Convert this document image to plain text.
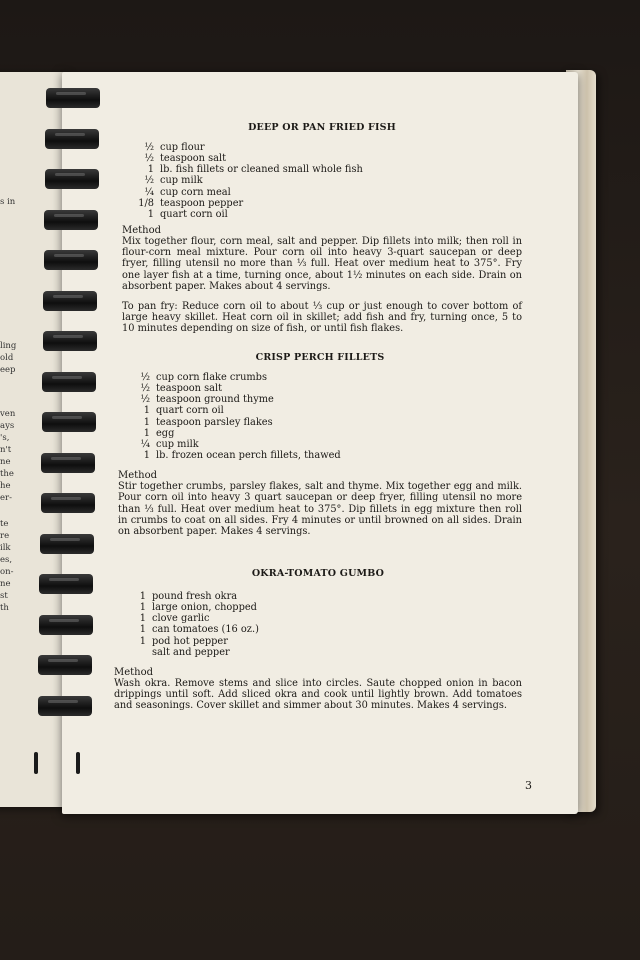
s in
ling
old
eep
ven
ays
's,
n't
ne
the
he
er-
te
re
ilk
es,
on-
ne
st
th
DEEP OR PAN FRIED FISH
½ cup flour
½ teaspoon salt
1 lb. fish fillets or cleaned small whole fish
½ cup milk
¼ cup corn meal
1/8 teaspoon pepper
1 quart corn oil
Method
Mix together flour, corn meal, salt and pepper. Dip fillets into milk; then roll in flour-corn meal mixture. Pour corn oil into heavy 3-quart saucepan or deep fryer, filling utensil no more than ⅓ full. Heat over medium heat to 375°. Fry one layer fish at a time, turning once, about 1½ minutes on each side. Drain on absorbent paper. Makes about 4 servings.
To pan fry: Reduce corn oil to about ⅓ cup or just enough to cover bottom of large heavy skillet. Heat corn oil in skillet; add fish and fry, turning once, 5 to 10 minutes depending on size of fish, or until fish flakes.
CRISP PERCH FILLETS
½ cup corn flake crumbs
½ teaspoon salt
½ teaspoon ground thyme
1 quart corn oil
1 teaspoon parsley flakes
1 egg
¼ cup milk
1 lb. frozen ocean perch fillets, thawed
Method
Stir together crumbs, parsley flakes, salt and thyme. Mix together egg and milk. Pour corn oil into heavy 3 quart saucepan or deep fryer, filling utensil no more than ⅓ full. Heat over medium heat to 375°. Dip fillets in egg mixture then roll in crumbs to coat on all sides. Fry 4 minutes or until browned on all sides. Drain on absorbent paper. Makes 4 servings.
OKRA-TOMATO GUMBO
1 pound fresh okra
1 large onion, chopped
1 clove garlic
1 can tomatoes (16 oz.)
1 pod hot pepper
salt and pepper
Method
Wash okra. Remove stems and slice into circles. Saute chopped onion in bacon drippings until soft. Add sliced okra and cook until lightly brown. Add tomatoes and seasonings. Cover skillet and simmer about 30 minutes. Makes 4 servings.
3
